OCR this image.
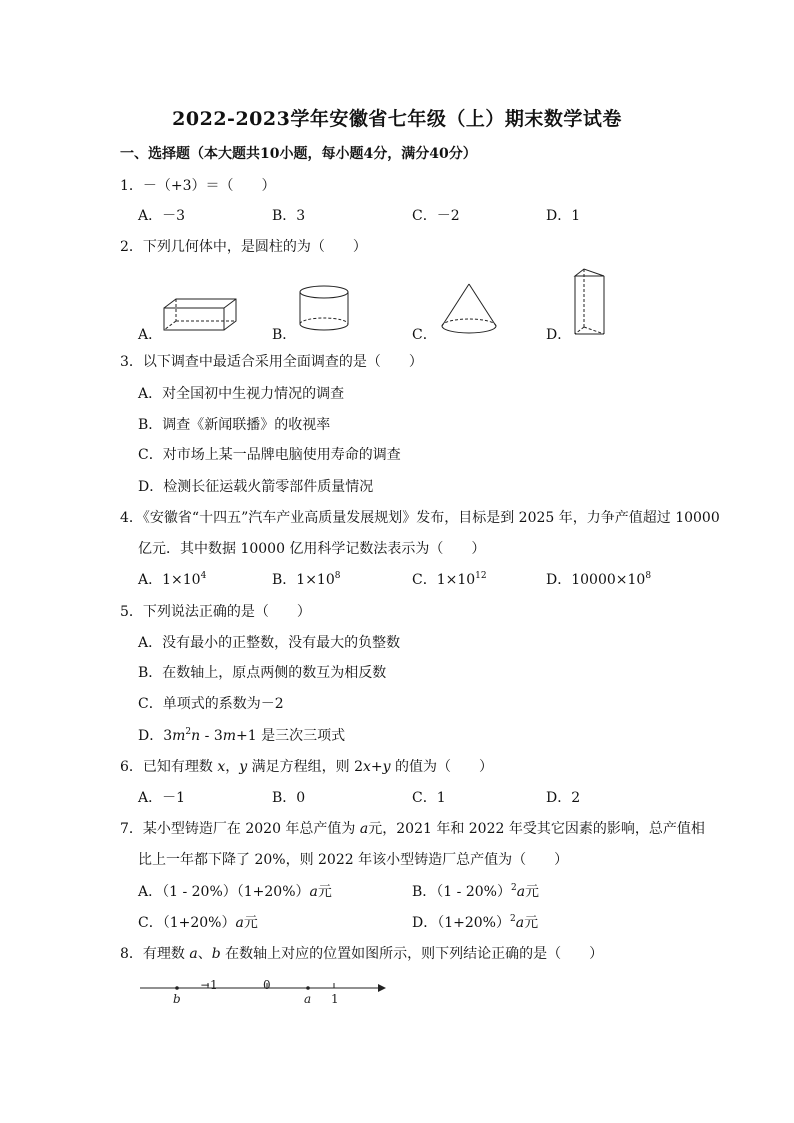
2022-2023学年安徽省七年级（上）期末数学试卷
一、选择题（本大题共10小题，每小题4分，满分40分）
1．－（+3）＝（　　）
A．－3	B．3	C．－2	D．1
2．下列几何体中，是圆柱的为（　　）
A．	B．	C．	D．
3．以下调查中最适合采用全面调查的是（　　）
A．对全国初中生视力情况的调查
B．调查《新闻联播》的收视率
C．对市场上某一品牌电脑使用寿命的调查
D．检测长征运载火箭零部件质量情况
4．《安徽省“十四五”汽车产业高质量发展规划》发布，目标是到 2025 年，力争产值超过 10000
亿元．其中数据 10000 亿用科学记数法表示为（　　）
A．$1\times 10^4$	B．$1\times 10^8$	C．$1\times 10^{12}$	D．$10000\times 10^8$
5．下列说法正确的是（　　）
A．没有最小的正整数，没有最大的负整数
B．在数轴上，原点两侧的数互为相反数
C．单项式的系数为－2
D．$3m^2n - 3m+1$ 是三次三项式
6．已知有理数 x，y 满足方程组，则 2x+y 的值为（　　）
A．－1	B．0	C．1	D．2
7．某小型铸造厂在 2020 年总产值为 a元，2021 年和 2022 年受其它因素的影响，总产值相
比上一年都下降了 20%，则 2022 年该小型铸造厂总产值为（　　）
A．（1 - 20%）（1+20%）a元	B．（1 - 20%）$^2$a元
C．（1+20%）a元	D．$(1+20\%)^2a$元
8．有理数 a、b 在数轴上对应的位置如图所示，则下列结论正确的是（　　）
b
−1	0
a 1
